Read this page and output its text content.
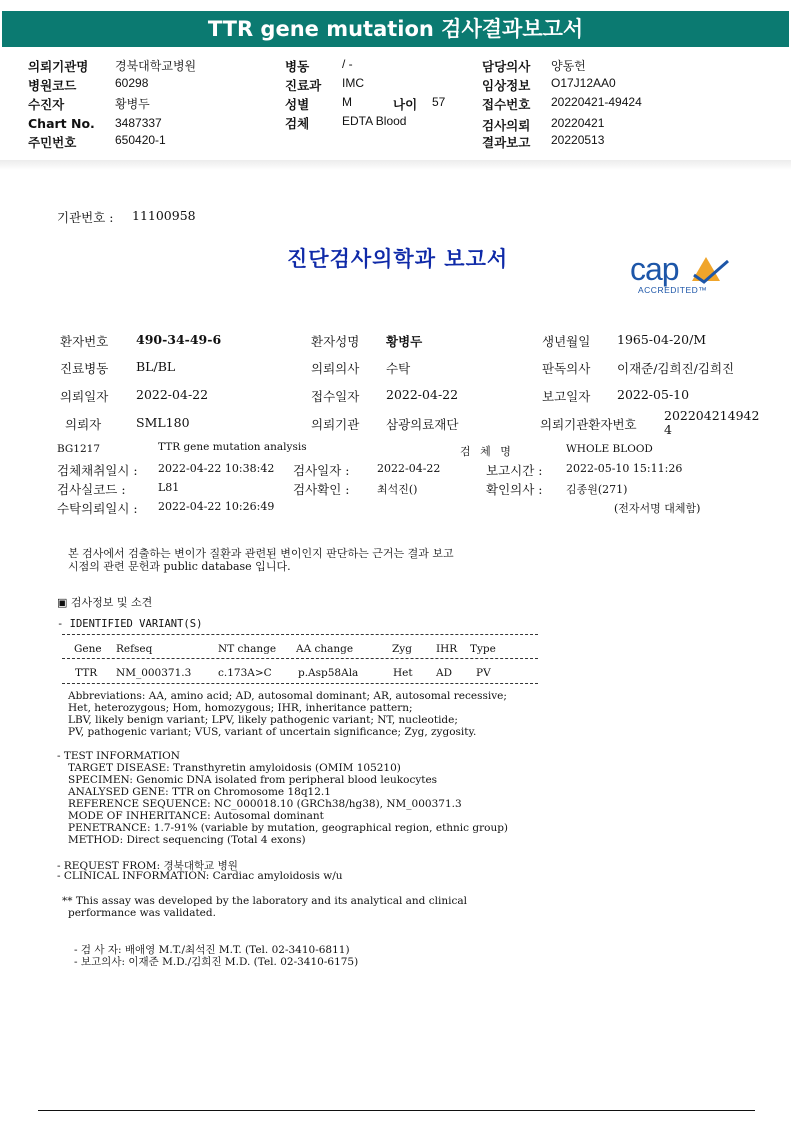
TTR gene mutation 검사결과보고서
의뢰기관명 경북대학교병원
병원코드	60298
수진자	황병두
Chart No. 3487337
주민번호	650420-1
병동	/ -
진료과 IMC
성별	M	나이 57
검체	EDTA Blood
담당의사 양동헌
임상정보 O17J12AA0
접수번호 20220421-49424
검사의뢰 20220421
결과보고 20220513
기관번호 : 11100958
진단검사의학과 보고서	cap
ACCREDITED™
환자번호 490-34-49-6	환자성명 황병두	생년월일 1965-04-20/M
진료병동 BL/BL	의뢰의사 수탁	판독의사 이재준/김희진/김희진
의뢰일자 2022-04-22	접수일자 2022-04-22	보고일자 2022-05-10
의뢰자	SML180	의뢰기관 삼광의료재단	의뢰기관환자번호
202204214942
4
BG1217	TTR gene mutation analysis	검 체 명	WHOLE BLOOD
검체채취일시 : 2022-04-22 10:38:42 검사일자 :	2022-04-22	보고시간 : 2022-05-10 15:11:26
검사실코드 :	L81	검사확인 :	최석진()	확인의사 : 김종원(271)
수탁의뢰일시 : 2022-04-22 10:26:49	(전자서명 대체함)
본 검사에서 검출하는 변이가 질환과 관련된 변이인지 판단하는 근거는 결과 보고
시점의 관련 문헌과 public database 입니다.
▣ 검사정보 및 소견
- IDENTIFIED VARIANT(S)
Gene Refseq	NT change AA change	Zyg IHR Type
TTR NM_000371.3	c.173A>C	p.Asp58Ala	Het AD PV
Abbreviations: AA, amino acid; AD, autosomal dominant; AR, autosomal recessive;
Het, heterozygous; Hom, homozygous; IHR, inheritance pattern;
LBV, likely benign variant; LPV, likely pathogenic variant; NT, nucleotide;
PV, pathogenic variant; VUS, variant of uncertain significance; Zyg, zygosity.
- TEST INFORMATION
TARGET DISEASE: Transthyretin amyloidosis (OMIM 105210)
SPECIMEN: Genomic DNA isolated from peripheral blood leukocytes
ANALYSED GENE: TTR on Chromosome 18q12.1
REFERENCE SEQUENCE: NC_000018.10 (GRCh38/hg38), NM_000371.3
MODE OF INHERITANCE: Autosomal dominant
PENETRANCE: 1.7-91% (variable by mutation, geographical region, ethnic group)
METHOD: Direct sequencing (Total 4 exons)
- REQUEST FROM: 경북대학교 병원
- CLINICAL INFORMATION: Cardiac amyloidosis w/u
** This assay was developed by the laboratory and its analytical and clinical
performance was validated.
- 검 사 자: 배애영 M.T./최석진 M.T. (Tel. 02-3410-6811)
- 보고의사: 이재준 M.D./김희진 M.D. (Tel. 02-3410-6175)
